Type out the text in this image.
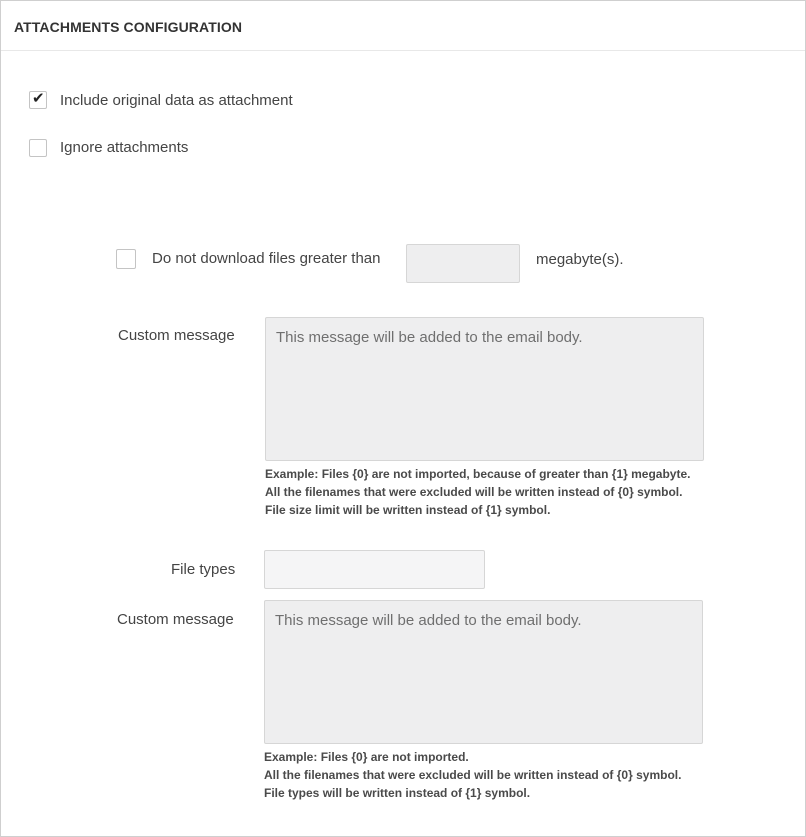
ATTACHMENTS CONFIGURATION
✔ Include original data as attachment
Ignore attachments
Do not download files greater than	megabyte(s).
Custom message	This message will be added to the email body.
Example: Files {0} are not imported, because of greater than {1} megabyte.
All the filenames that were excluded will be written instead of {0} symbol.
File size limit will be written instead of {1} symbol.
File types
Custom message	This message will be added to the email body.
Example: Files {0} are not imported.
All the filenames that were excluded will be written instead of {0} symbol.
File types will be written instead of {1} symbol.
